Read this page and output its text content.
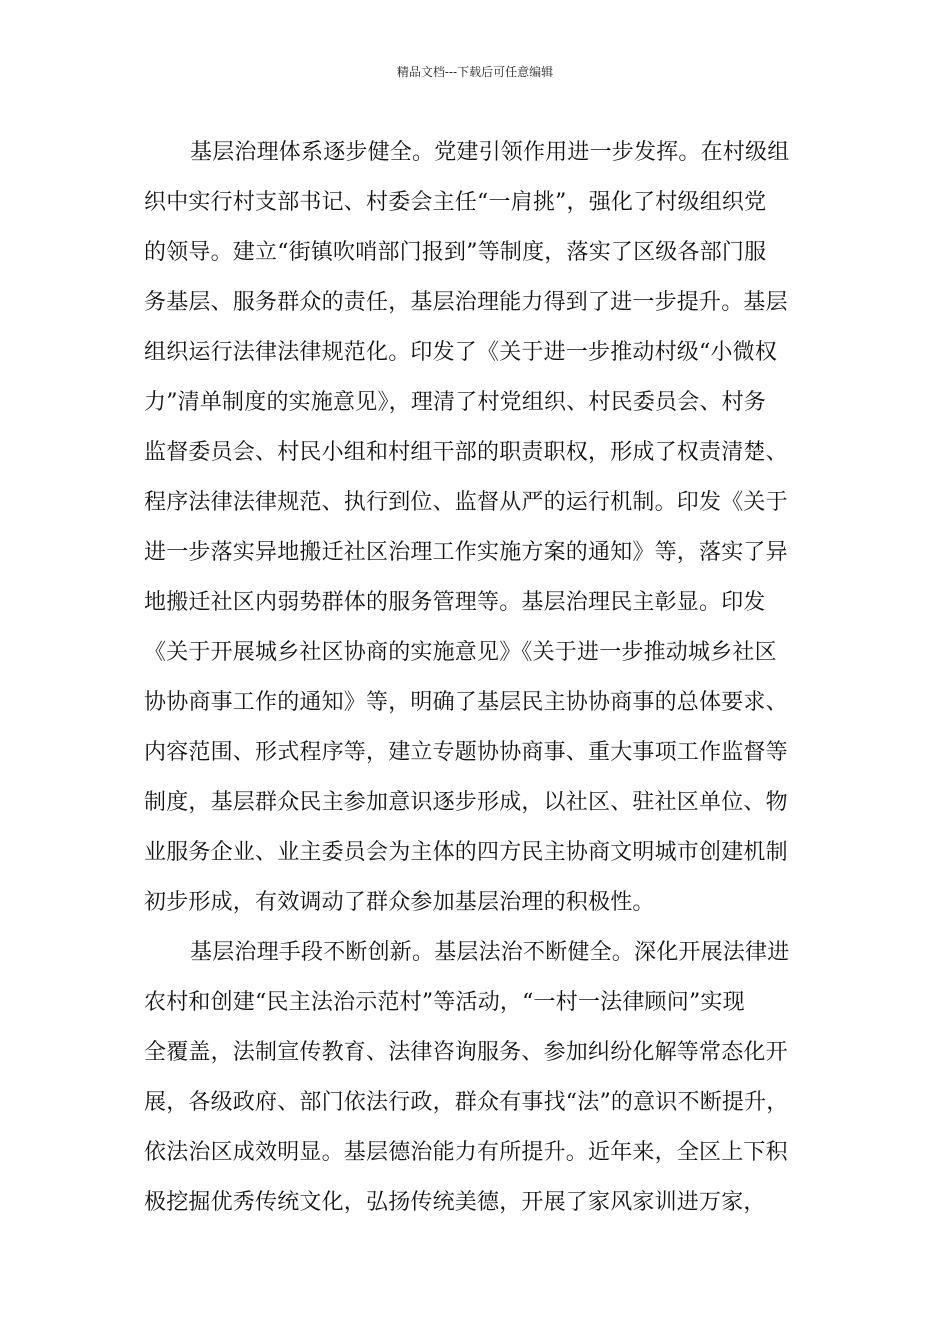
精品文档---下载后可任意编辑
基层治理体系逐步健全。党建引领作用进一步发挥。在村级组
织中实行村支部书记、村委会主任“一肩挑”，强化了村级组织党
的领导。建立“街镇吹哨部门报到”等制度，落实了区级各部门服
务基层、服务群众的责任，基层治理能力得到了进一步提升。基层
组织运行法律法律规范化。印发了《关于进一步推动村级“小微权
力”清单制度的实施意见》，理清了村党组织、村民委员会、村务
监督委员会、村民小组和村组干部的职责职权，形成了权责清楚、
程序法律法律规范、执行到位、监督从严的运行机制。印发《关于
进一步落实异地搬迁社区治理工作实施方案的通知》等，落实了异
地搬迁社区内弱势群体的服务管理等。基层治理民主彰显。印发
《关于开展城乡社区协商的实施意见》《关于进一步推动城乡社区
协协商事工作的通知》等，明确了基层民主协协商事的总体要求、
内容范围、形式程序等，建立专题协协商事、重大事项工作监督等
制度，基层群众民主参加意识逐步形成，以社区、驻社区单位、物
业服务企业、业主委员会为主体的四方民主协商文明城市创建机制
初步形成，有效调动了群众参加基层治理的积极性。
基层治理手段不断创新。基层法治不断健全。深化开展法律进
农村和创建“民主法治示范村”等活动，“一村一法律顾问”实现
全覆盖，法制宣传教育、法律咨询服务、参加纠纷化解等常态化开
展，各级政府、部门依法行政，群众有事找“法”的意识不断提升，
依法治区成效明显。基层德治能力有所提升。近年来，全区上下积
极挖掘优秀传统文化，弘扬传统美德，开展了家风家训进万家，
